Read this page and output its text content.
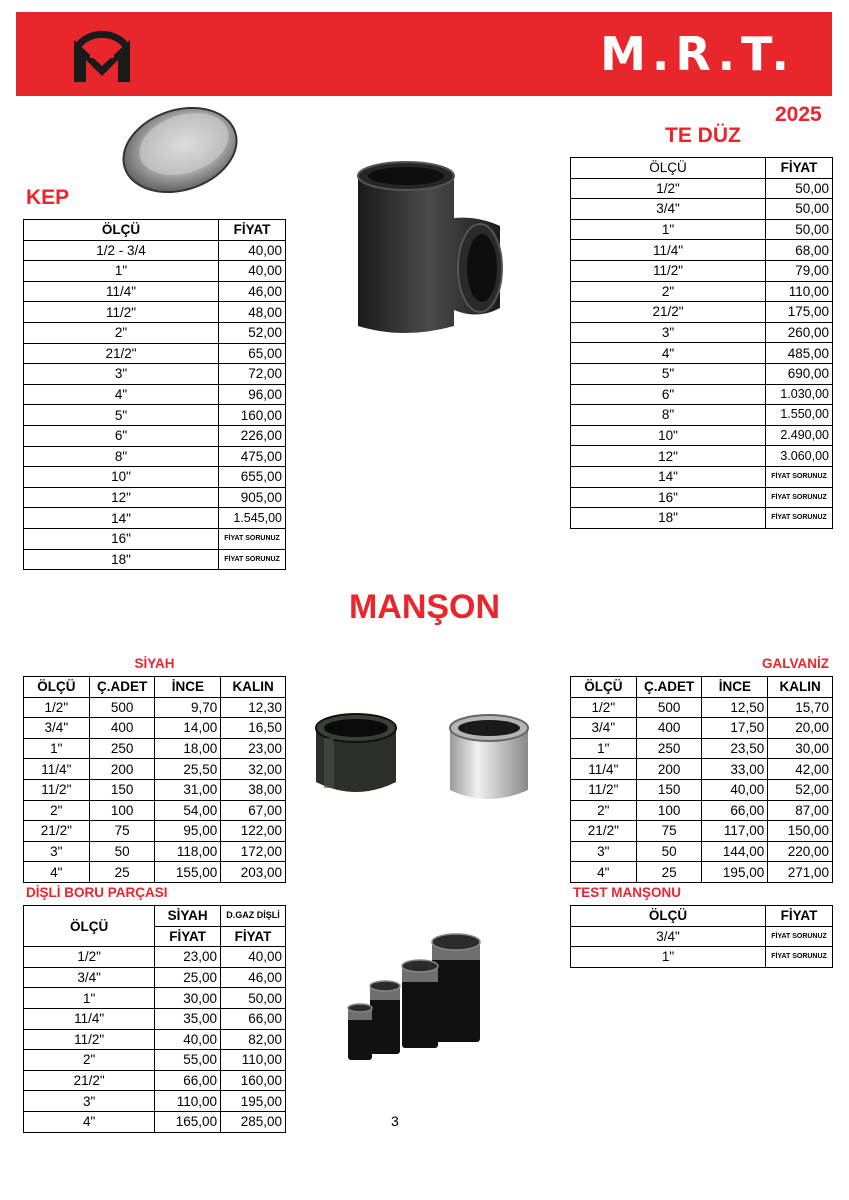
M.R.T.
2025
KEP
ÖLÇÜ	FİYAT
1/2 - 3/4	40,00
1"	40,00
11/4"	46,00
11/2"	48,00
2"	52,00
21/2"	65,00
3"	72,00
4"	96,00
5"	160,00
6"	226,00
8"	475,00
10"	655,00
12"	905,00
14"	1.545,00
16"	FİYAT SORUNUZ
18"	FİYAT SORUNUZ
TE DÜZ
ÖLÇÜ	FİYAT
1/2"	50,00
3/4"	50,00
1"	50,00
11/4"	68,00
11/2"	79,00
2"	110,00
21/2"	175,00
3"	260,00
4"	485,00
5"	690,00
6"	1.030,00
8"	1.550,00
10"	2.490,00
12"	3.060,00
14"	FİYAT SORUNUZ
16"	FİYAT SORUNUZ
18"	FİYAT SORUNUZ
MANŞON
SİYAH
ÖLÇÜ	Ç.ADET	İNCE	KALIN
1/2"	500	9,70	12,30
3/4"	400	14,00	16,50
1"	250	18,00	23,00
11/4"	200	25,50	32,00
11/2"	150	31,00	38,00
2"	100	54,00	67,00
21/2"	75	95,00	122,00
3"	50	118,00	172,00
4"	25	155,00	203,00
GALVANİZ
ÖLÇÜ	Ç.ADET	İNCE	KALIN
1/2"	500	12,50	15,70
3/4"	400	17,50	20,00
1"	250	23,50	30,00
11/4"	200	33,00	42,00
11/2"	150	40,00	52,00
2"	100	66,00	87,00
21/2"	75	117,00	150,00
3"	50	144,00	220,00
4"	25	195,00	271,00
DİŞLİ BORU PARÇASI
ÖLÇÜ	SİYAH	D.GAZ DİŞLİ
	FİYAT	FİYAT
1/2"	23,00	40,00
3/4"	25,00	46,00
1"	30,00	50,00
11/4"	35,00	66,00
11/2"	40,00	82,00
2"	55,00	110,00
21/2"	66,00	160,00
3"	110,00	195,00
4"	165,00	285,00
TEST MANŞONU
ÖLÇÜ	FİYAT
3/4"	FİYAT SORUNUZ
1"	FİYAT SORUNUZ
3
